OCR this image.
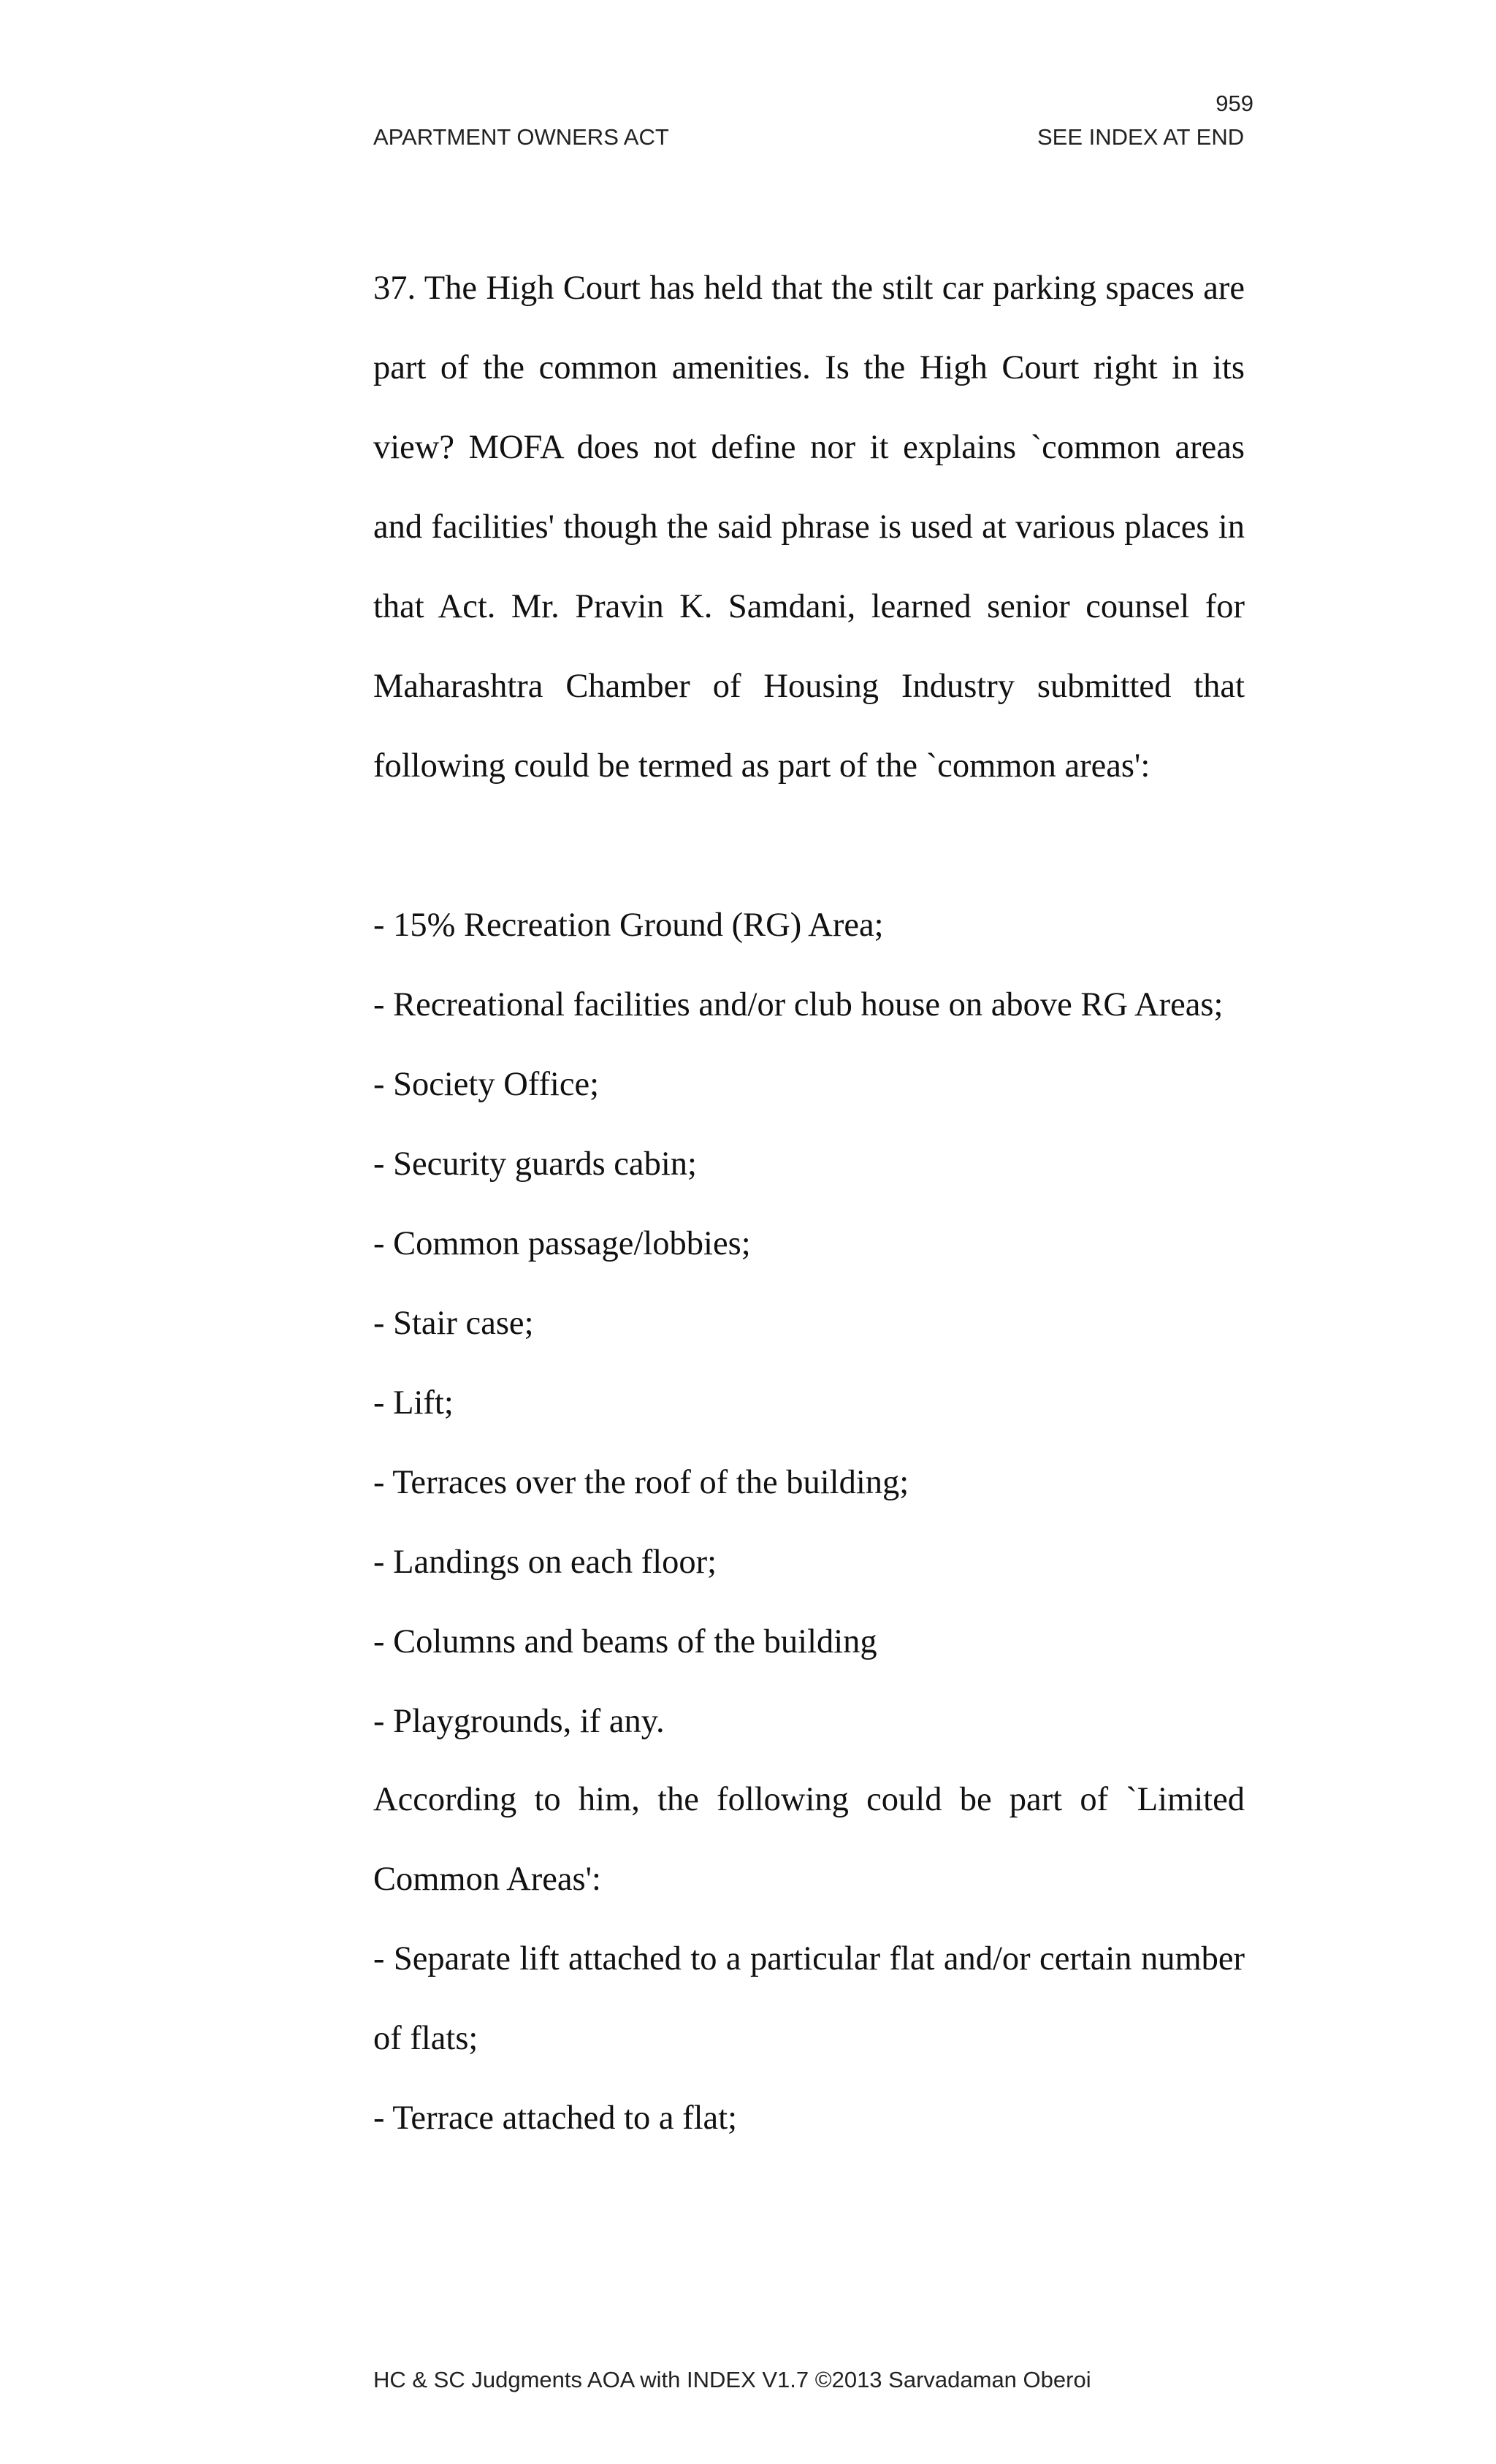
959
APARTMENT OWNERS ACT	SEE INDEX AT END
37. The High Court has held that the stilt car parking spaces are part of the common amenities. Is the High Court right in its view? MOFA does not define nor it explains `common areas and facilities' though the said phrase is used at various places in that Act. Mr. Pravin K. Samdani, learned senior counsel for Maharashtra Chamber of Housing Industry submitted that following could be termed as part of the `common areas':
- 15% Recreation Ground (RG) Area;
- Recreational facilities and/or club house on above RG Areas;
- Society Office;
- Security guards cabin;
- Common passage/lobbies;
- Stair case;
- Lift;
- Terraces over the roof of the building;
- Landings on each floor;
- Columns and beams of the building
- Playgrounds, if any.
According to him, the following could be part of `Limited Common Areas':
- Separate lift attached to a particular flat and/or certain number of flats;
- Terrace attached to a flat;
HC & SC Judgments AOA with INDEX V1.7 ©2013 Sarvadaman Oberoi
